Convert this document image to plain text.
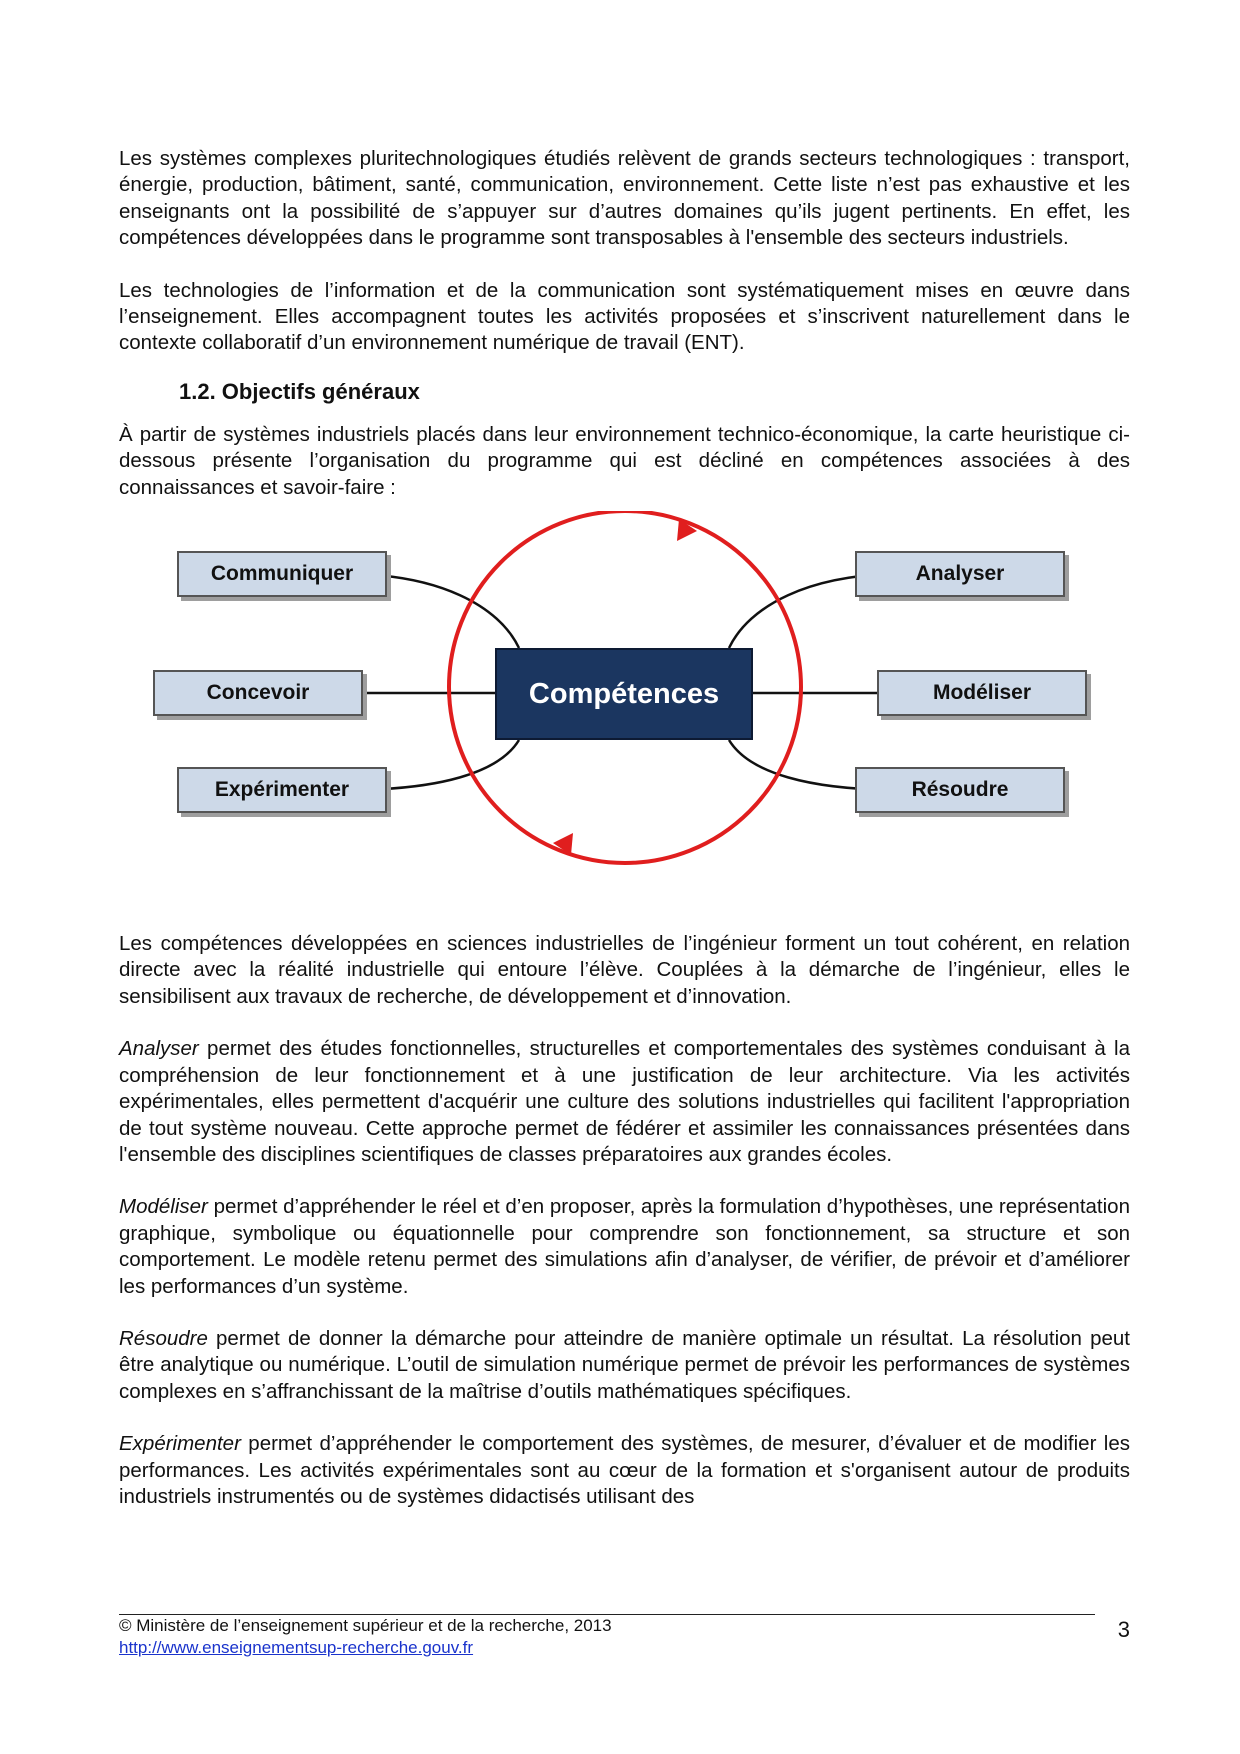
Les systèmes complexes pluritechnologiques étudiés relèvent de grands secteurs technologiques : transport, énergie, production, bâtiment, santé, communication, environnement. Cette liste n’est pas exhaustive et les enseignants ont la possibilité de s’appuyer sur d’autres domaines qu’ils jugent pertinents. En effet, les compétences développées dans le programme sont transposables à l'ensemble des secteurs industriels.

Les technologies de l’information et de la communication sont systématiquement mises en œuvre dans l’enseignement. Elles accompagnent toutes les activités proposées et s’inscrivent naturellement dans le contexte collaboratif d’un environnement numérique de travail (ENT).

1.2. Objectifs généraux

À partir de systèmes industriels placés dans leur environnement technico-économique, la carte heuristique ci-dessous présente l’organisation du programme qui est décliné en compétences associées à des connaissances et savoir-faire :

Compétences
Communiquer
Concevoir
Expérimenter
Analyser
Modéliser
Résoudre

Les compétences développées en sciences industrielles de l’ingénieur forment un tout cohérent, en relation directe avec la réalité industrielle qui entoure l’élève. Couplées à la démarche de l’ingénieur, elles le sensibilisent aux travaux de recherche, de développement et d’innovation.

Analyser permet des études fonctionnelles, structurelles et comportementales des systèmes conduisant à la compréhension de leur fonctionnement et à une justification de leur architecture. Via les activités expérimentales, elles permettent d'acquérir une culture des solutions industrielles qui facilitent l'appropriation de tout système nouveau. Cette approche permet de fédérer et assimiler les connaissances présentées dans l'ensemble des disciplines scientifiques de classes préparatoires aux grandes écoles.

Modéliser permet d’appréhender le réel et d’en proposer, après la formulation d’hypothèses, une représentation graphique, symbolique ou équationnelle pour comprendre son fonctionnement, sa structure et son comportement. Le modèle retenu permet des simulations afin d’analyser, de vérifier, de prévoir et d’améliorer les performances d’un système.

Résoudre permet de donner la démarche pour atteindre de manière optimale un résultat. La résolution peut être analytique ou numérique. L’outil de simulation numérique permet de prévoir les performances de systèmes complexes en s’affranchissant de la maîtrise d’outils mathématiques spécifiques.

Expérimenter permet d’appréhender le comportement des systèmes, de mesurer, d’évaluer et de modifier les performances. Les activités expérimentales sont au cœur de la formation et s'organisent autour de produits industriels instrumentés ou de systèmes didactisés utilisant des

© Ministère de l’enseignement supérieur et de la recherche, 2013
http://www.enseignementsup-recherche.gouv.fr
3
